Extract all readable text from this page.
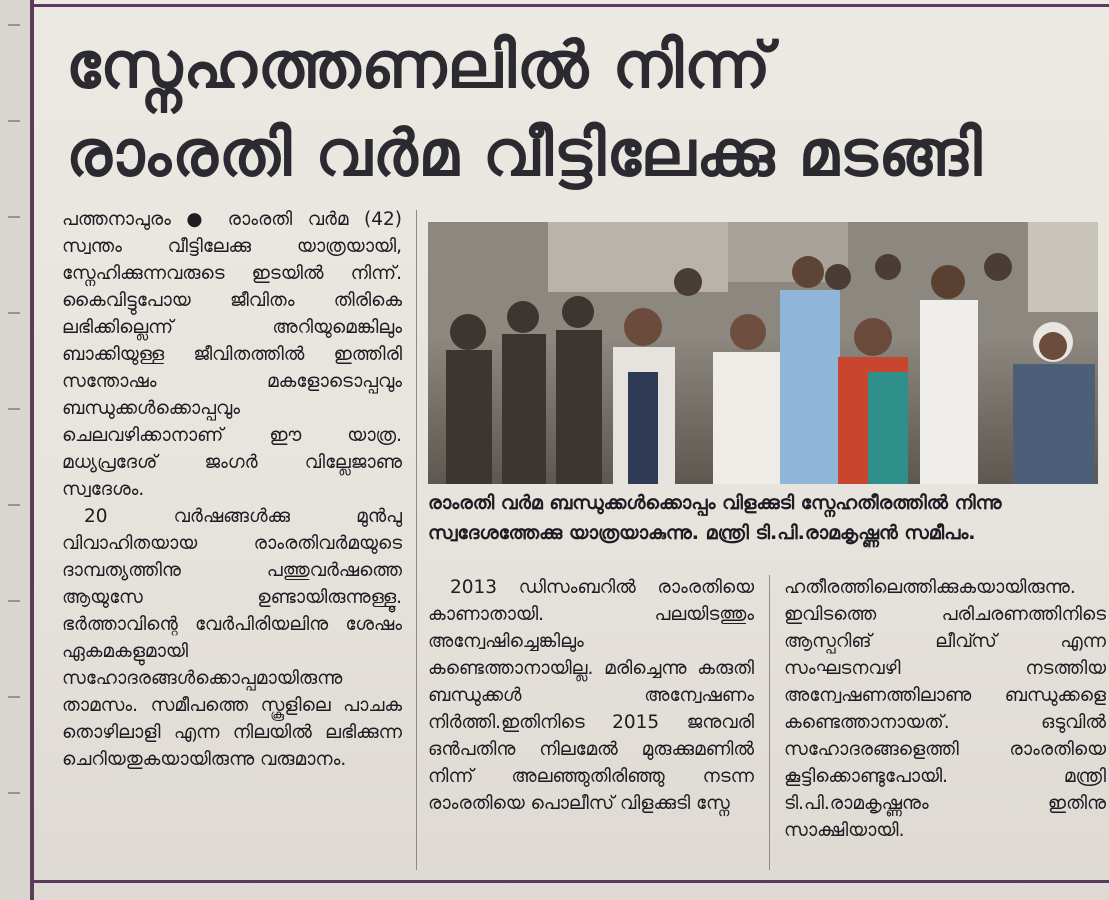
സ്നേഹത്തണലിൽ നിന്ന്
രാംരതി വർമ വീട്ടിലേക്കു മടങ്ങി

പത്തനാപുരം ● രാംരതി വർമ (42) സ്വന്തം വീട്ടിലേക്കു യാത്രയായി, സ്നേഹിക്കുന്നവരുടെ ഇടയിൽ നിന്ന്. കൈവിട്ടുപോയ ജീവിതം തിരികെ ലഭിക്കില്ലെന്ന് അറിയുമെങ്കിലും ബാക്കിയുള്ള ജീവിതത്തിൽ ഇത്തിരി സന്തോഷം മകളോടൊപ്പവും ബന്ധുക്കൾക്കൊപ്പവും ചെലവഴിക്കാനാണ് ഈ യാത്ര. മധ്യപ്രദേശ് ജംഗർ വില്ലേജാണു സ്വദേശം.

20 വർഷങ്ങൾക്കു മുൻപു വിവാഹിതയായ രാംരതിവർമയുടെ ദാമ്പത്യത്തിനു പത്തുവർഷത്തെ ആയുസേ ഉണ്ടായിരുന്നുള്ളൂ. ഭർത്താവിന്റെ വേർപിരിയലിനു ശേഷം ഏകമകളുമായി സഹോദരങ്ങൾക്കൊപ്പമായിരുന്നു താമസം. സമീപത്തെ സ്കൂളിലെ പാചക തൊഴിലാളി എന്ന നിലയിൽ ലഭിക്കുന്ന ചെറിയതുകയായിരുന്നു വരുമാനം.

രാംരതി വർമ ബന്ധുക്കൾക്കൊപ്പം വിളക്കുടി സ്നേഹതീരത്തിൽ നിന്നു സ്വദേശത്തേക്കു യാത്രയാകുന്നു. മന്ത്രി ടി.പി.രാമകൃഷ്ണൻ സമീപം.

2013 ഡിസംബറിൽ രാംരതിയെ കാണാതായി. പലയിടത്തും അന്വേഷിച്ചെങ്കിലും കണ്ടെത്താനായില്ല. മരിച്ചെന്നു കരുതി ബന്ധുക്കൾ അന്വേഷണം നിർത്തി.ഇതിനിടെ 2015 ജനുവരി ഒൻപതിനു നിലമേൽ മുരുക്കുമണിൽ നിന്ന് അലഞ്ഞുതിരിഞ്ഞു നടന്ന രാംരതിയെ പൊലീസ് വിളക്കുടി സ്നേ

ഹതീരത്തിലെത്തിക്കുകയായിരുന്നു. ഇവിടത്തെ പരിചരണത്തിനിടെ ആസ്പറിങ് ലീവ്സ് എന്ന സംഘടനവഴി നടത്തിയ അന്വേഷണത്തിലാണു ബന്ധുക്കളെ കണ്ടെത്താനായത്. ഒടുവിൽ സഹോദരങ്ങളെത്തി രാംരതിയെ കൂട്ടിക്കൊണ്ടുപോയി. മന്ത്രി ടി.പി.രാമകൃഷ്ണനും ഇതിനു സാക്ഷിയായി.
